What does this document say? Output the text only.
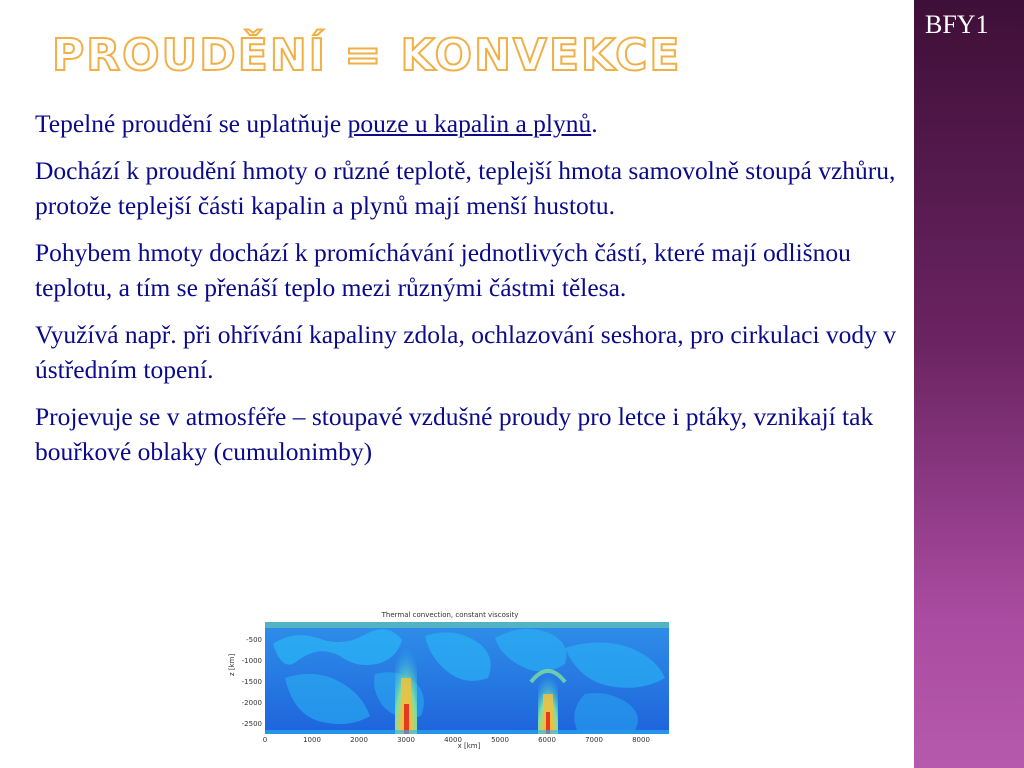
BFY1
PROUDĚNÍ = KONVEKCE

Tepelné proudění se uplatňuje pouze u kapalin a plynů.

Dochází k proudění hmoty o různé teplotě, teplejší hmota samovolně stoupá vzhůru, protože teplejší části kapalin a plynů mají menší hustotu.

Pohybem hmoty dochází k promíchávání jednotlivých částí, které mají odlišnou teplotu, a tím se přenáší teplo mezi různými částmi tělesa.

Využívá např. při ohřívání kapaliny zdola, ochlazování seshora, pro cirkulaci vody v ústředním topení.

Projevuje se v atmosféře – stoupavé vzdušné proudy pro letce i ptáky, vznikají tak bouřkové oblaky (cumulonimby)

Thermal convection, constant viscosity
z [km]
x [km]
-500
-1000
-1500
-2000
-2500
0	1000	2000	3000	4000	5000	6000	7000	8000
